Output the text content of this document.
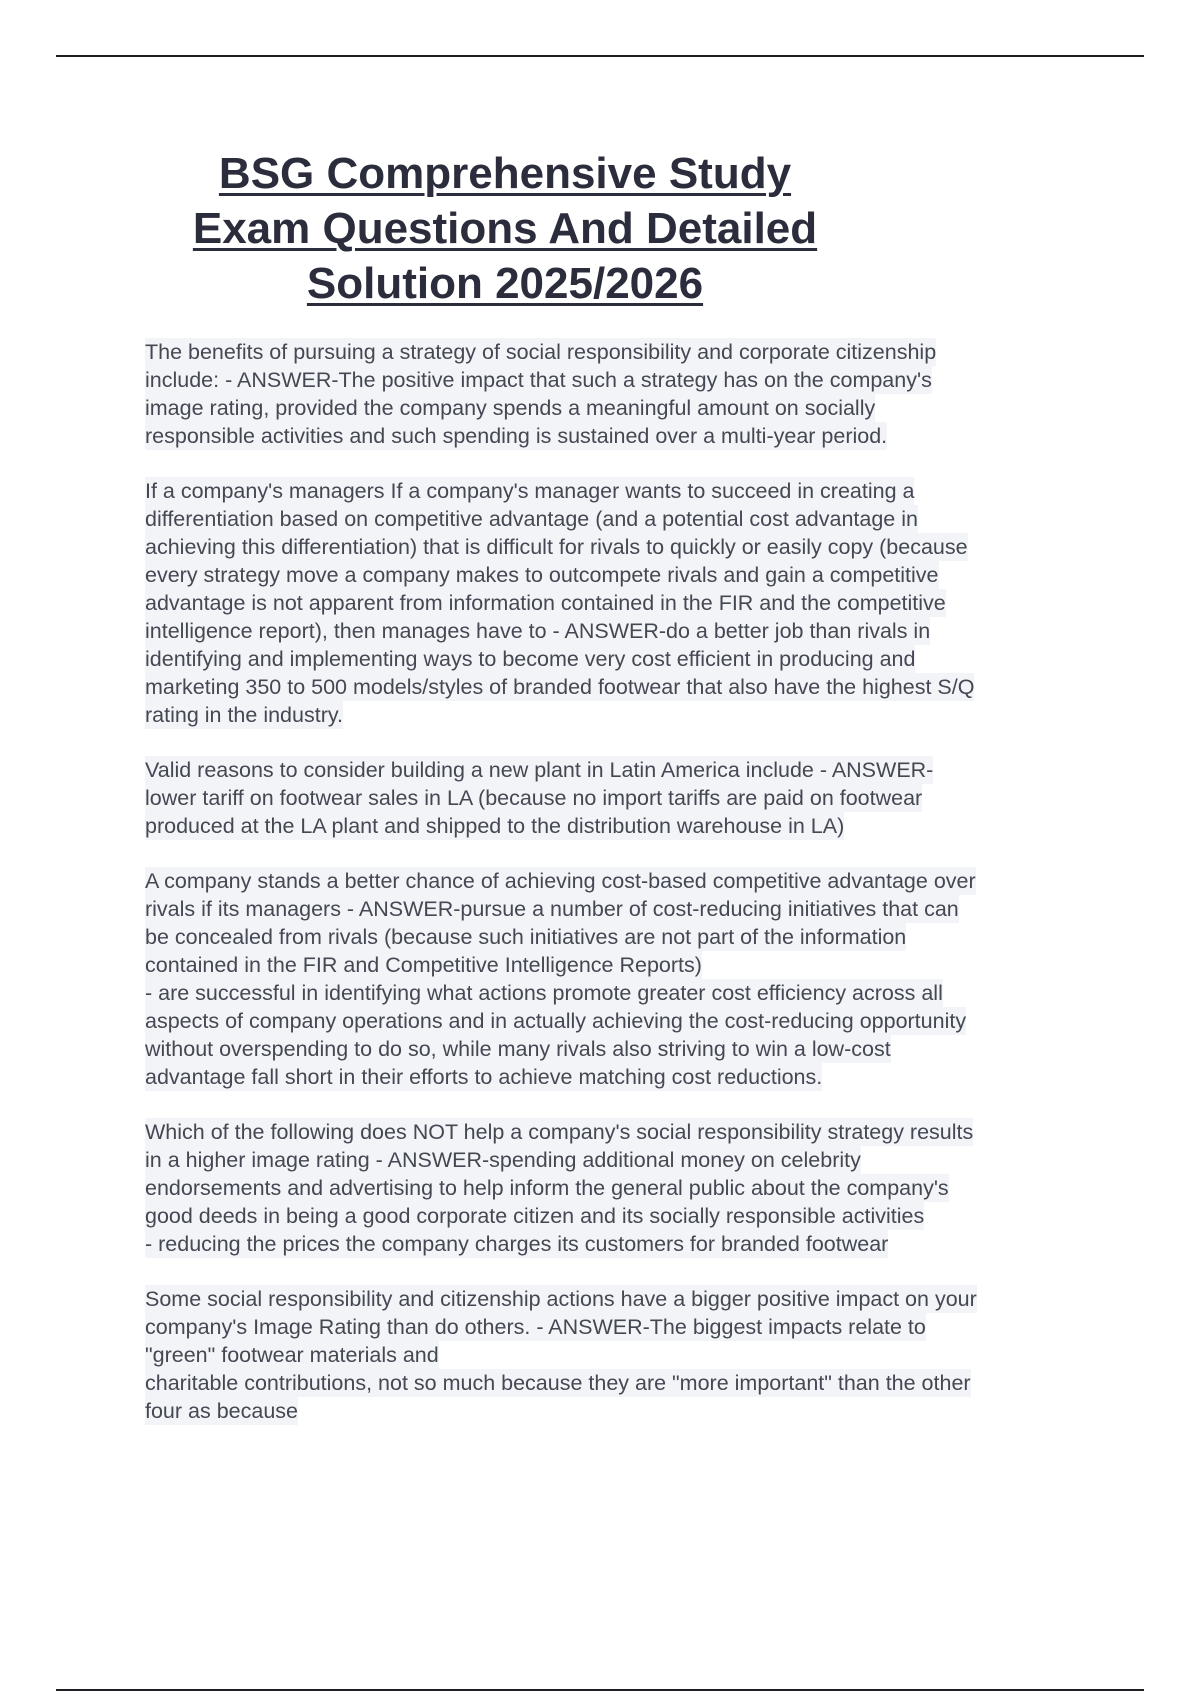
BSG Comprehensive Study
Exam Questions And Detailed
Solution 2025/2026

The benefits of pursuing a strategy of social responsibility and corporate citizenship
include: - ANSWER-The positive impact that such a strategy has on the company's
image rating, provided the company spends a meaningful amount on socially
responsible activities and such spending is sustained over a multi-year period.

If a company's managers If a company's manager wants to succeed in creating a
differentiation based on competitive advantage (and a potential cost advantage in
achieving this differentiation) that is difficult for rivals to quickly or easily copy (because
every strategy move a company makes to outcompete rivals and gain a competitive
advantage is not apparent from information contained in the FIR and the competitive
intelligence report), then manages have to - ANSWER-do a better job than rivals in
identifying and implementing ways to become very cost efficient in producing and
marketing 350 to 500 models/styles of branded footwear that also have the highest S/Q
rating in the industry.

Valid reasons to consider building a new plant in Latin America include - ANSWER-
lower tariff on footwear sales in LA (because no import tariffs are paid on footwear
produced at the LA plant and shipped to the distribution warehouse in LA)

A company stands a better chance of achieving cost-based competitive advantage over
rivals if its managers - ANSWER-pursue a number of cost-reducing initiatives that can
be concealed from rivals (because such initiatives are not part of the information
contained in the FIR and Competitive Intelligence Reports)
- are successful in identifying what actions promote greater cost efficiency across all
aspects of company operations and in actually achieving the cost-reducing opportunity
without overspending to do so, while many rivals also striving to win a low-cost
advantage fall short in their efforts to achieve matching cost reductions.

Which of the following does NOT help a company's social responsibility strategy results
in a higher image rating - ANSWER-spending additional money on celebrity
endorsements and advertising to help inform the general public about the company's
good deeds in being a good corporate citizen and its socially responsible activities
- reducing the prices the company charges its customers for branded footwear

Some social responsibility and citizenship actions have a bigger positive impact on your
company's Image Rating than do others. - ANSWER-The biggest impacts relate to
"green" footwear materials and
charitable contributions, not so much because they are "more important" than the other
four as because
